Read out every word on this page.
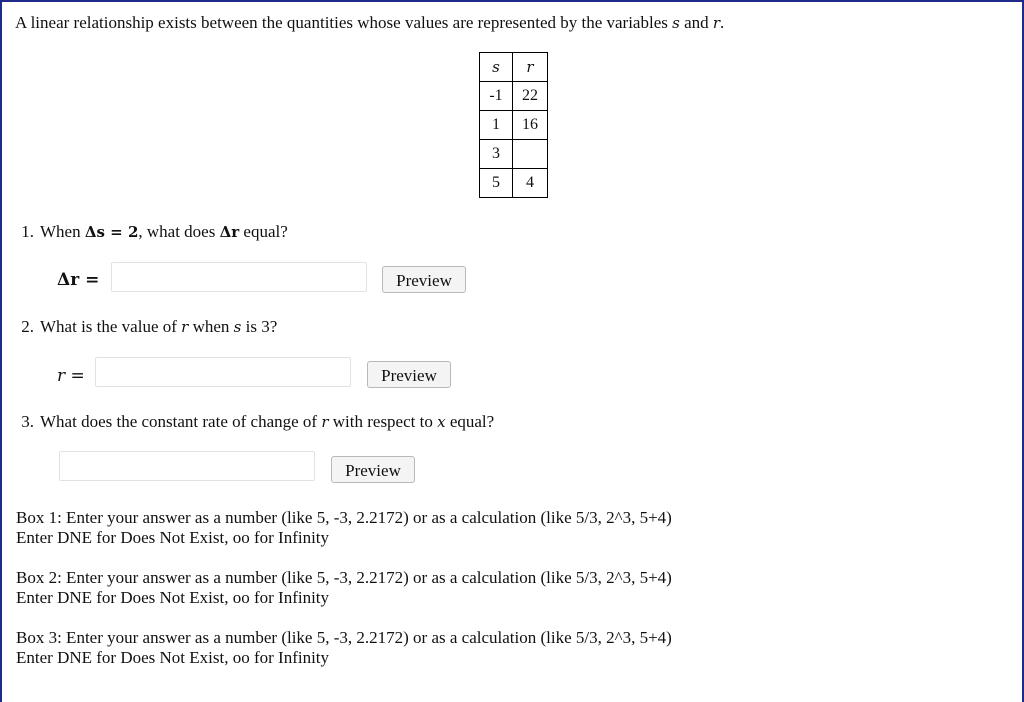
A linear relationship exists between the quantities whose values are represented by the variables s and r.
s	r
-1	22
1	16
3	
5	4
1. When Δs = 2, what does Δr equal?
Δr =	Preview
2. What is the value of r when s is 3?
r =	Preview
3. What does the constant rate of change of r with respect to x equal?
Preview
Box 1: Enter your answer as a number (like 5, -3, 2.2172) or as a calculation (like 5/3, 2^3, 5+4)
Enter DNE for Does Not Exist, oo for Infinity
Box 2: Enter your answer as a number (like 5, -3, 2.2172) or as a calculation (like 5/3, 2^3, 5+4)
Enter DNE for Does Not Exist, oo for Infinity
Box 3: Enter your answer as a number (like 5, -3, 2.2172) or as a calculation (like 5/3, 2^3, 5+4)
Enter DNE for Does Not Exist, oo for Infinity
